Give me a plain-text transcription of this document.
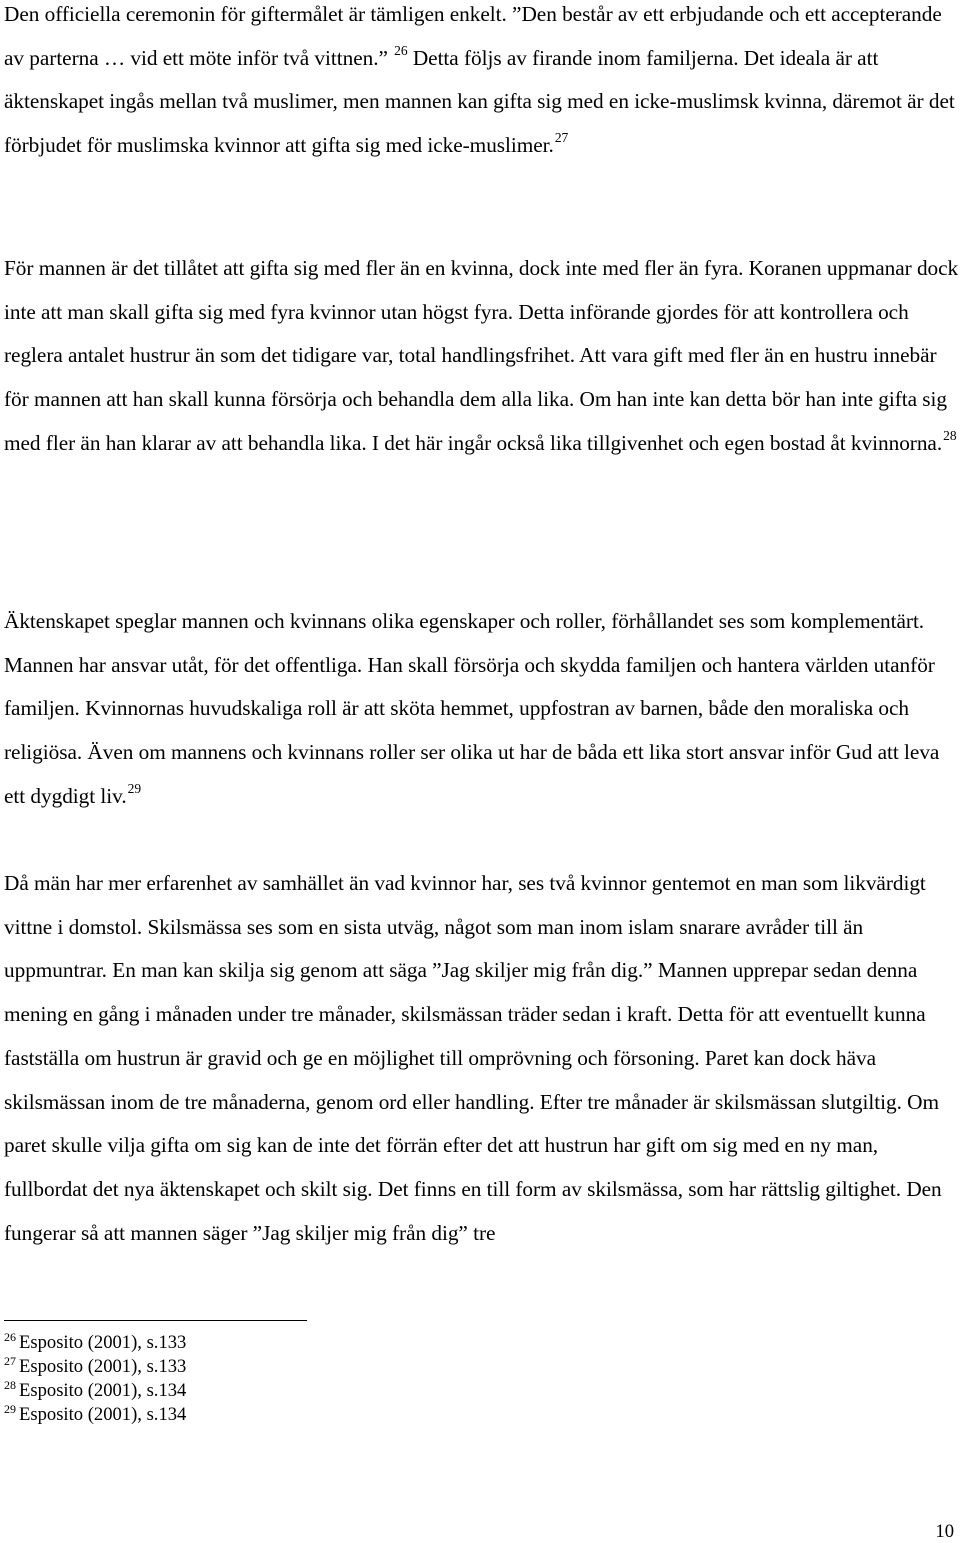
Den officiella ceremonin för giftermålet är tämligen enkelt. ”Den består av ett erbjudande och ett accepterande av parterna … vid ett möte inför två vittnen.” $^{26}$ Detta följs av firande inom familjerna. Det ideala är att äktenskapet ingås mellan två muslimer, men mannen kan gifta sig med en icke-muslimsk kvinna, däremot är det förbjudet för muslimska kvinnor att gifta sig med icke-muslimer.$^{27}$

För mannen är det tillåtet att gifta sig med fler än en kvinna, dock inte med fler än fyra. Koranen uppmanar dock inte att man skall gifta sig med fyra kvinnor utan högst fyra. Detta införande gjordes för att kontrollera och reglera antalet hustrur än som det tidigare var, total handlingsfrihet. Att vara gift med fler än en hustru innebär för mannen att han skall kunna försörja och behandla dem alla lika. Om han inte kan detta bör han inte gifta sig med fler än han klarar av att behandla lika. I det här ingår också lika tillgivenhet och egen bostad åt kvinnorna.$^{28}$

Äktenskapet speglar mannen och kvinnans olika egenskaper och roller, förhållandet ses som komplementärt. Mannen har ansvar utåt, för det offentliga. Han skall försörja och skydda familjen och hantera världen utanför familjen. Kvinnornas huvudskaliga roll är att sköta hemmet, uppfostran av barnen, både den moraliska och religiösa. Även om mannens och kvinnans roller ser olika ut har de båda ett lika stort ansvar inför Gud att leva ett dygdigt liv.$^{29}$

Då män har mer erfarenhet av samhället än vad kvinnor har, ses två kvinnor gentemot en man som likvärdigt vittne i domstol. Skilsmässa ses som en sista utväg, något som man inom islam snarare avråder till än uppmuntrar. En man kan skilja sig genom att säga ”Jag skiljer mig från dig.” Mannen upprepar sedan denna mening en gång i månaden under tre månader, skilsmässan träder sedan i kraft. Detta för att eventuellt kunna fastställa om hustrun är gravid och ge en möjlighet till omprövning och försoning. Paret kan dock häva skilsmässan inom de tre månaderna, genom ord eller handling. Efter tre månader är skilsmässan slutgiltig. Om paret skulle vilja gifta om sig kan de inte det förrän efter det att hustrun har gift om sig med en ny man, fullbordat det nya äktenskapet och skilt sig. Det finns en till form av skilsmässa, som har rättslig giltighet. Den fungerar så att mannen säger ”Jag skiljer mig från dig” tre

$^{26}$ Esposito (2001), s.133
$^{27}$ Esposito (2001), s.133
$^{28}$ Esposito (2001), s.134
$^{29}$ Esposito (2001), s.134
10
